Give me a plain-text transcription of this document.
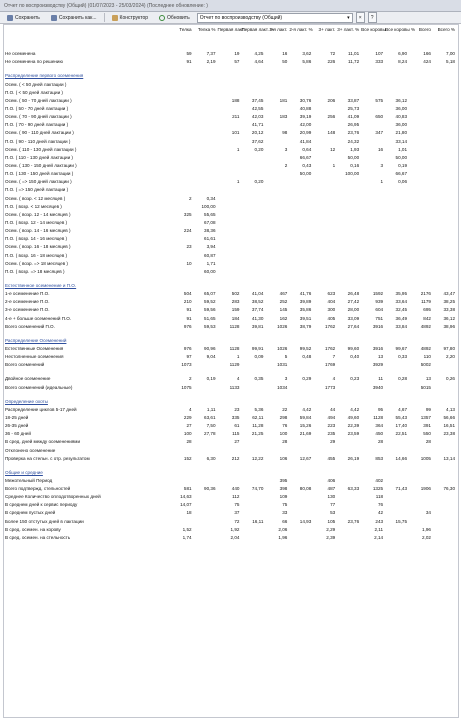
Отчет по воспроизводству (Общий) (01/07/2023 - 25/03/2024) (Последнее обновление: )
Сохранить	Сохранить как...	Конструктор	Обновить Отчет по воспроизводству (Общий)	▾ × ?
	Телка	Телка %	Первая лакт.	Первая лакт. %	2-я лакт.	2-я лакт. %	3+ лакт.	3+ лакт. %	Все коровы	Все коровы %	Всего	Всего %
Не осеменена	59	7,37	19	4,25	16	3,62	72	11,01	107	6,90	166	7,00
Не осеменена по решению	91	2,19	57	4,64	50	5,86	226	11,72	333	8,24	424	5,18

Распределение первого осеменения												
Осем. ( < 50 дней лактации )												
П.О. ( < 50 дней лактации )												
Осем. ( 50 - 70 дней лактации )			188	37,45	181	30,76	206	33,87	575	36,12		
П.О. ( 50 - 70 дней лактации )				42,55		40,88		25,73		36,00		
Осем. ( 70 - 90 дней лактации )			211	42,03	183	39,19	256	41,09	650	40,83		
П.О. ( 70 - 90 дней лактации )				41,71		42,00		26,95		36,00		
Осем. ( 90 - 110 дней лактации )			101	20,12	98	20,99	148	23,76	347	21,80		
П.О. ( 90 - 110 дней лактации )				37,62		41,84		24,32		33,14		
Осем. ( 110 - 130 дней лактации )			1	0,20	3	0,64	12	1,93	16	1,01		
П.О. ( 110 - 130 дней лактации )						66,67		50,00		50,00		
Осем. ( 130 - 150 дней лактации )					2	0,43	1	0,16	3	0,19		
П.О. ( 130 - 150 дней лактации )						50,00		100,00		66,67		
Осем. ( => 150 дней лактации )			1	0,20					1	0,06		
П.О. ( => 150 дней лактации )												
Осем. ( возр. < 12 месяцев )	2	0,34										
П.О. ( возр. < 12 месяцев )		100,00										
Осем. ( возр. 12 - 14 месяцев )	325	55,65										
П.О. ( возр. 12 - 14 месяцев )		67,08										
Осем. ( возр. 14 - 16 месяцев )	224	38,36										
П.О. ( возр. 14 - 16 месяцев )		61,61										
Осем. ( возр. 16 - 18 месяцев )	23	3,94										
П.О. ( возр. 16 - 18 месяцев )		60,87										
Осем. ( возр. => 18 месяцев )	10	1,71										
П.О. ( возр. => 18 месяцев )		60,00										

Естественное осеменение и П.О.												
1-е осеменение П.О.	504	65,07	502	41,04	467	41,76	623	26,48	1592	35,95	2176	43,47
2-е осеменение П.О.	210	59,52	283	38,52	252	39,89	404	27,42	939	33,64	1179	38,25
3-е осеменение П.О.	91	59,56	159	37,74	145	35,86	300	28,00	604	32,45	695	33,38
4-е + больше осеменений П.О.	91	51,65	184	41,30	162	39,51	405	33,09	751	36,49	842	36,12
Всего осеменений П.О.	976	59,53	1128	39,81	1026	38,79	1762	27,64	3916	33,84	4892	38,96

Распределение Осеменений												
Естественные Осеменения	976	90,96	1128	99,91	1026	99,52	1762	99,60	3916	99,67	4892	97,80
Нестолненные осеменения	97	9,04	1	0,09	5	0,48	7	0,40	13	0,33	110	2,20
Всего осеменений	1073		1129		1031		1769		3929		5002	

Двойное осеменение	2	0,19	4	0,35	3	0,29	4	0,23	11	0,28	13	0,26
Всего осеменений (идеальные)	1075		1133		1034		1773		3940		5015	

Определение охоты												
Распределение циклов 5-17 дней	4	1,11	23	5,36	22	4,42	44	4,42	95	4,67	99	4,13
18-25 дней	229	63,61	335	62,11	298	59,84	494	49,60	1128	55,43	1357	56,66
26-35 дней	27	7,50	61	11,28	76	15,26	223	22,39	364	17,40	391	16,51
36 - 60 дней	100	27,78	115	21,25	100	21,69	235	23,59	450	22,51	550	23,38
В сред. дней между осеменениями	28		27		28		29		28		28	
Отклонено осеменение												
Проверка на стельн. с отр. результатом	152	6,30	212	12,22	106	12,67	455	26,19	853	14,66	1005	13,14

Общие и средние												
Межотельный Период					395		406		402			
Всего подтвержд. стельностей	581	90,36	440	74,70	398	80,08	487	63,33	1325	71,43	1906	76,30
Среднее Количество оплодотворенных дней	14,63		112		109		130		118			
В среднем дней к сервис периоду	14,07		75		75		77		76			
В среднем пустых дней	18		37		33		53		42		34	
Более 150 отстутых дней в лактации			72	16,11	66	14,93	105	23,76	243	15,75		
В сред. осемен. на корову	1,52		1,92		2,06		2,29		2,11		1,96	
В сред. осемен. на стельность	1,74		2,04		1,96		2,39		2,14		2,02	
